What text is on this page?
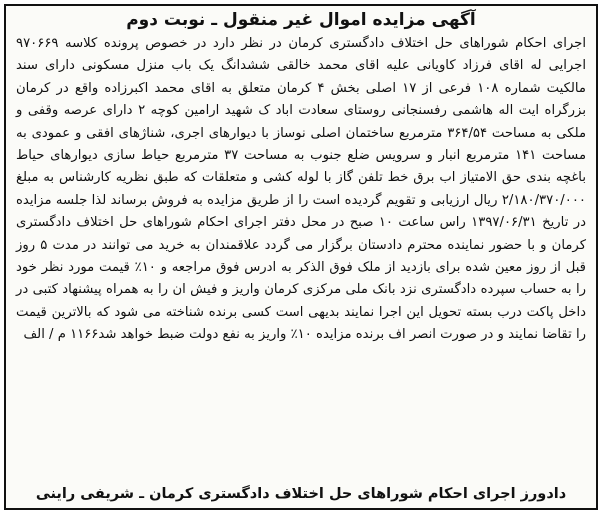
آگهی مزایده اموال غیر منقول ـ نوبت دوم

اجرای احکام شوراهای حل اختلاف دادگستری کرمان در نظر دارد در خصوص پرونده کلاسه ۹۷۰۶۶۹ اجرایی له اقای فرزاد کاویانی علیه اقای محمد خالقی ششدانگ یک باب منزل مسکونی دارای سند مالکیت شماره ۱۰۸ فرعی از ۱۷ اصلی بخش ۴ کرمان متعلق به اقای محمد اکبرزاده واقع در کرمان بزرگراه ایت اله هاشمی رفسنجانی روستای سعادت اباد ک شهید ارامین کوچه ۲ دارای عرصه وقفی و ملکی به مساحت ۳۶۴/۵۴ مترمربع ساختمان اصلی نوساز با دیوارهای اجری، شناژهای افقی و عمودی به مساحت ۱۴۱ مترمربع انبار و سرویس ضلع جنوب به مساحت ۳۷ مترمربع حیاط سازی دیوارهای حیاط باغچه بندی حق الامتیاز اب برق خط تلفن گاز با لوله کشی و متعلقات که طبق نظریه کارشناس به مبلغ ۲/۱۸۰/۳۷۰/۰۰۰ ریال ارزیابی و تقویم گردیده است را از طریق مزایده به فروش برساند لذا جلسه مزایده در تاریخ ۱۳۹۷/۰۶/۳۱ راس ساعت ۱۰ صبح در محل دفتر اجرای احکام شوراهای حل اختلاف دادگستری کرمان و با حضور نماینده محترم دادستان برگزار می گردد علاقمندان به خرید می توانند در مدت ۵ روز قبل از روز معین شده برای بازدید از ملک فوق الذکر به ادرس فوق مراجعه و ۱۰٪ قیمت مورد نظر خود را به حساب سپرده دادگستری نزد بانک ملی مرکزی کرمان واریز و فیش ان را به همراه پیشنهاد کتبی در داخل پاکت درب بسته تحویل این اجرا نمایند بدیهی است کسی برنده شناخته می شود که بالاترین قیمت را تقاضا نمایند و در صورت انصر اف برنده مزایده ۱۰٪ واریز به نفع دولت ضبط خواهد شد۱۱۶۶ م / الف

دادورز اجرای احکام شوراهای حل اختلاف دادگستری کرمان ـ شریفی راینی
